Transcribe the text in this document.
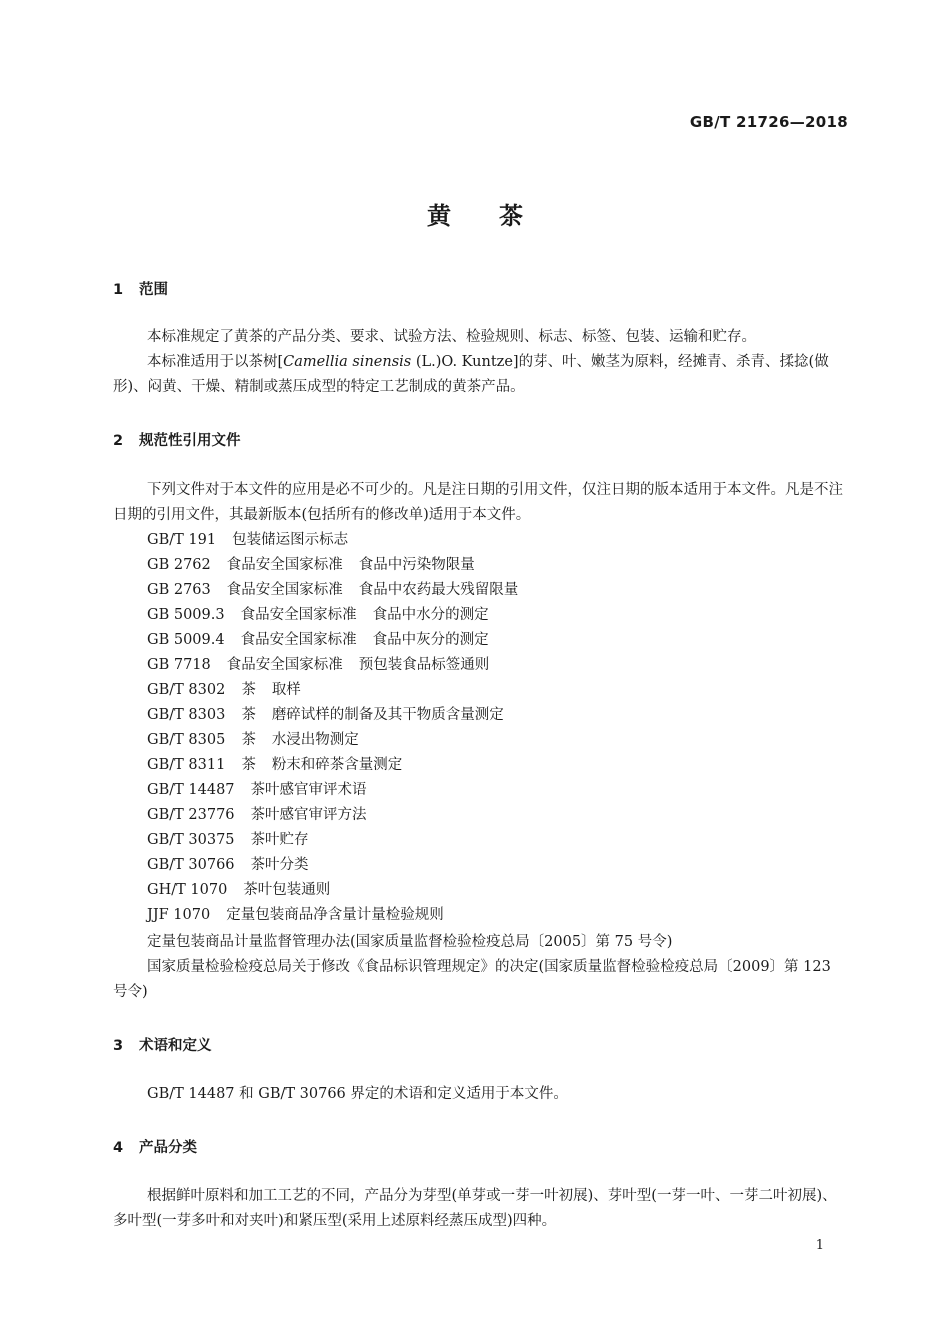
GB/T 21726—2018
黄 茶
1 范围
本标准规定了黄茶的产品分类、要求、试验方法、检验规则、标志、标签、包装、运输和贮存。
本标准适用于以茶树[Camellia sinensis (L.)O. Kuntze]的芽、叶、嫩茎为原料，经摊青、杀青、揉捻(做形)、闷黄、干燥、精制或蒸压成型的特定工艺制成的黄茶产品。
2 规范性引用文件
下列文件对于本文件的应用是必不可少的。凡是注日期的引用文件，仅注日期的版本适用于本文件。凡是不注日期的引用文件，其最新版本(包括所有的修改单)适用于本文件。
GB/T 191 包装储运图示标志
GB 2762 食品安全国家标准 食品中污染物限量
GB 2763 食品安全国家标准 食品中农药最大残留限量
GB 5009.3 食品安全国家标准 食品中水分的测定
GB 5009.4 食品安全国家标准 食品中灰分的测定
GB 7718 食品安全国家标准 预包装食品标签通则
GB/T 8302 茶 取样
GB/T 8303 茶 磨碎试样的制备及其干物质含量测定
GB/T 8305 茶 水浸出物测定
GB/T 8311 茶 粉末和碎茶含量测定
GB/T 14487 茶叶感官审评术语
GB/T 23776 茶叶感官审评方法
GB/T 30375 茶叶贮存
GB/T 30766 茶叶分类
GH/T 1070 茶叶包装通则
JJF 1070 定量包装商品净含量计量检验规则
定量包装商品计量监督管理办法(国家质量监督检验检疫总局〔2005〕第 75 号令)
国家质量检验检疫总局关于修改《食品标识管理规定》的决定(国家质量监督检验检疫总局〔2009〕第 123 号令)
3 术语和定义
GB/T 14487 和 GB/T 30766 界定的术语和定义适用于本文件。
4 产品分类
根据鲜叶原料和加工工艺的不同，产品分为芽型(单芽或一芽一叶初展)、芽叶型(一芽一叶、一芽二叶初展)、多叶型(一芽多叶和对夹叶)和紧压型(采用上述原料经蒸压成型)四种。
1
